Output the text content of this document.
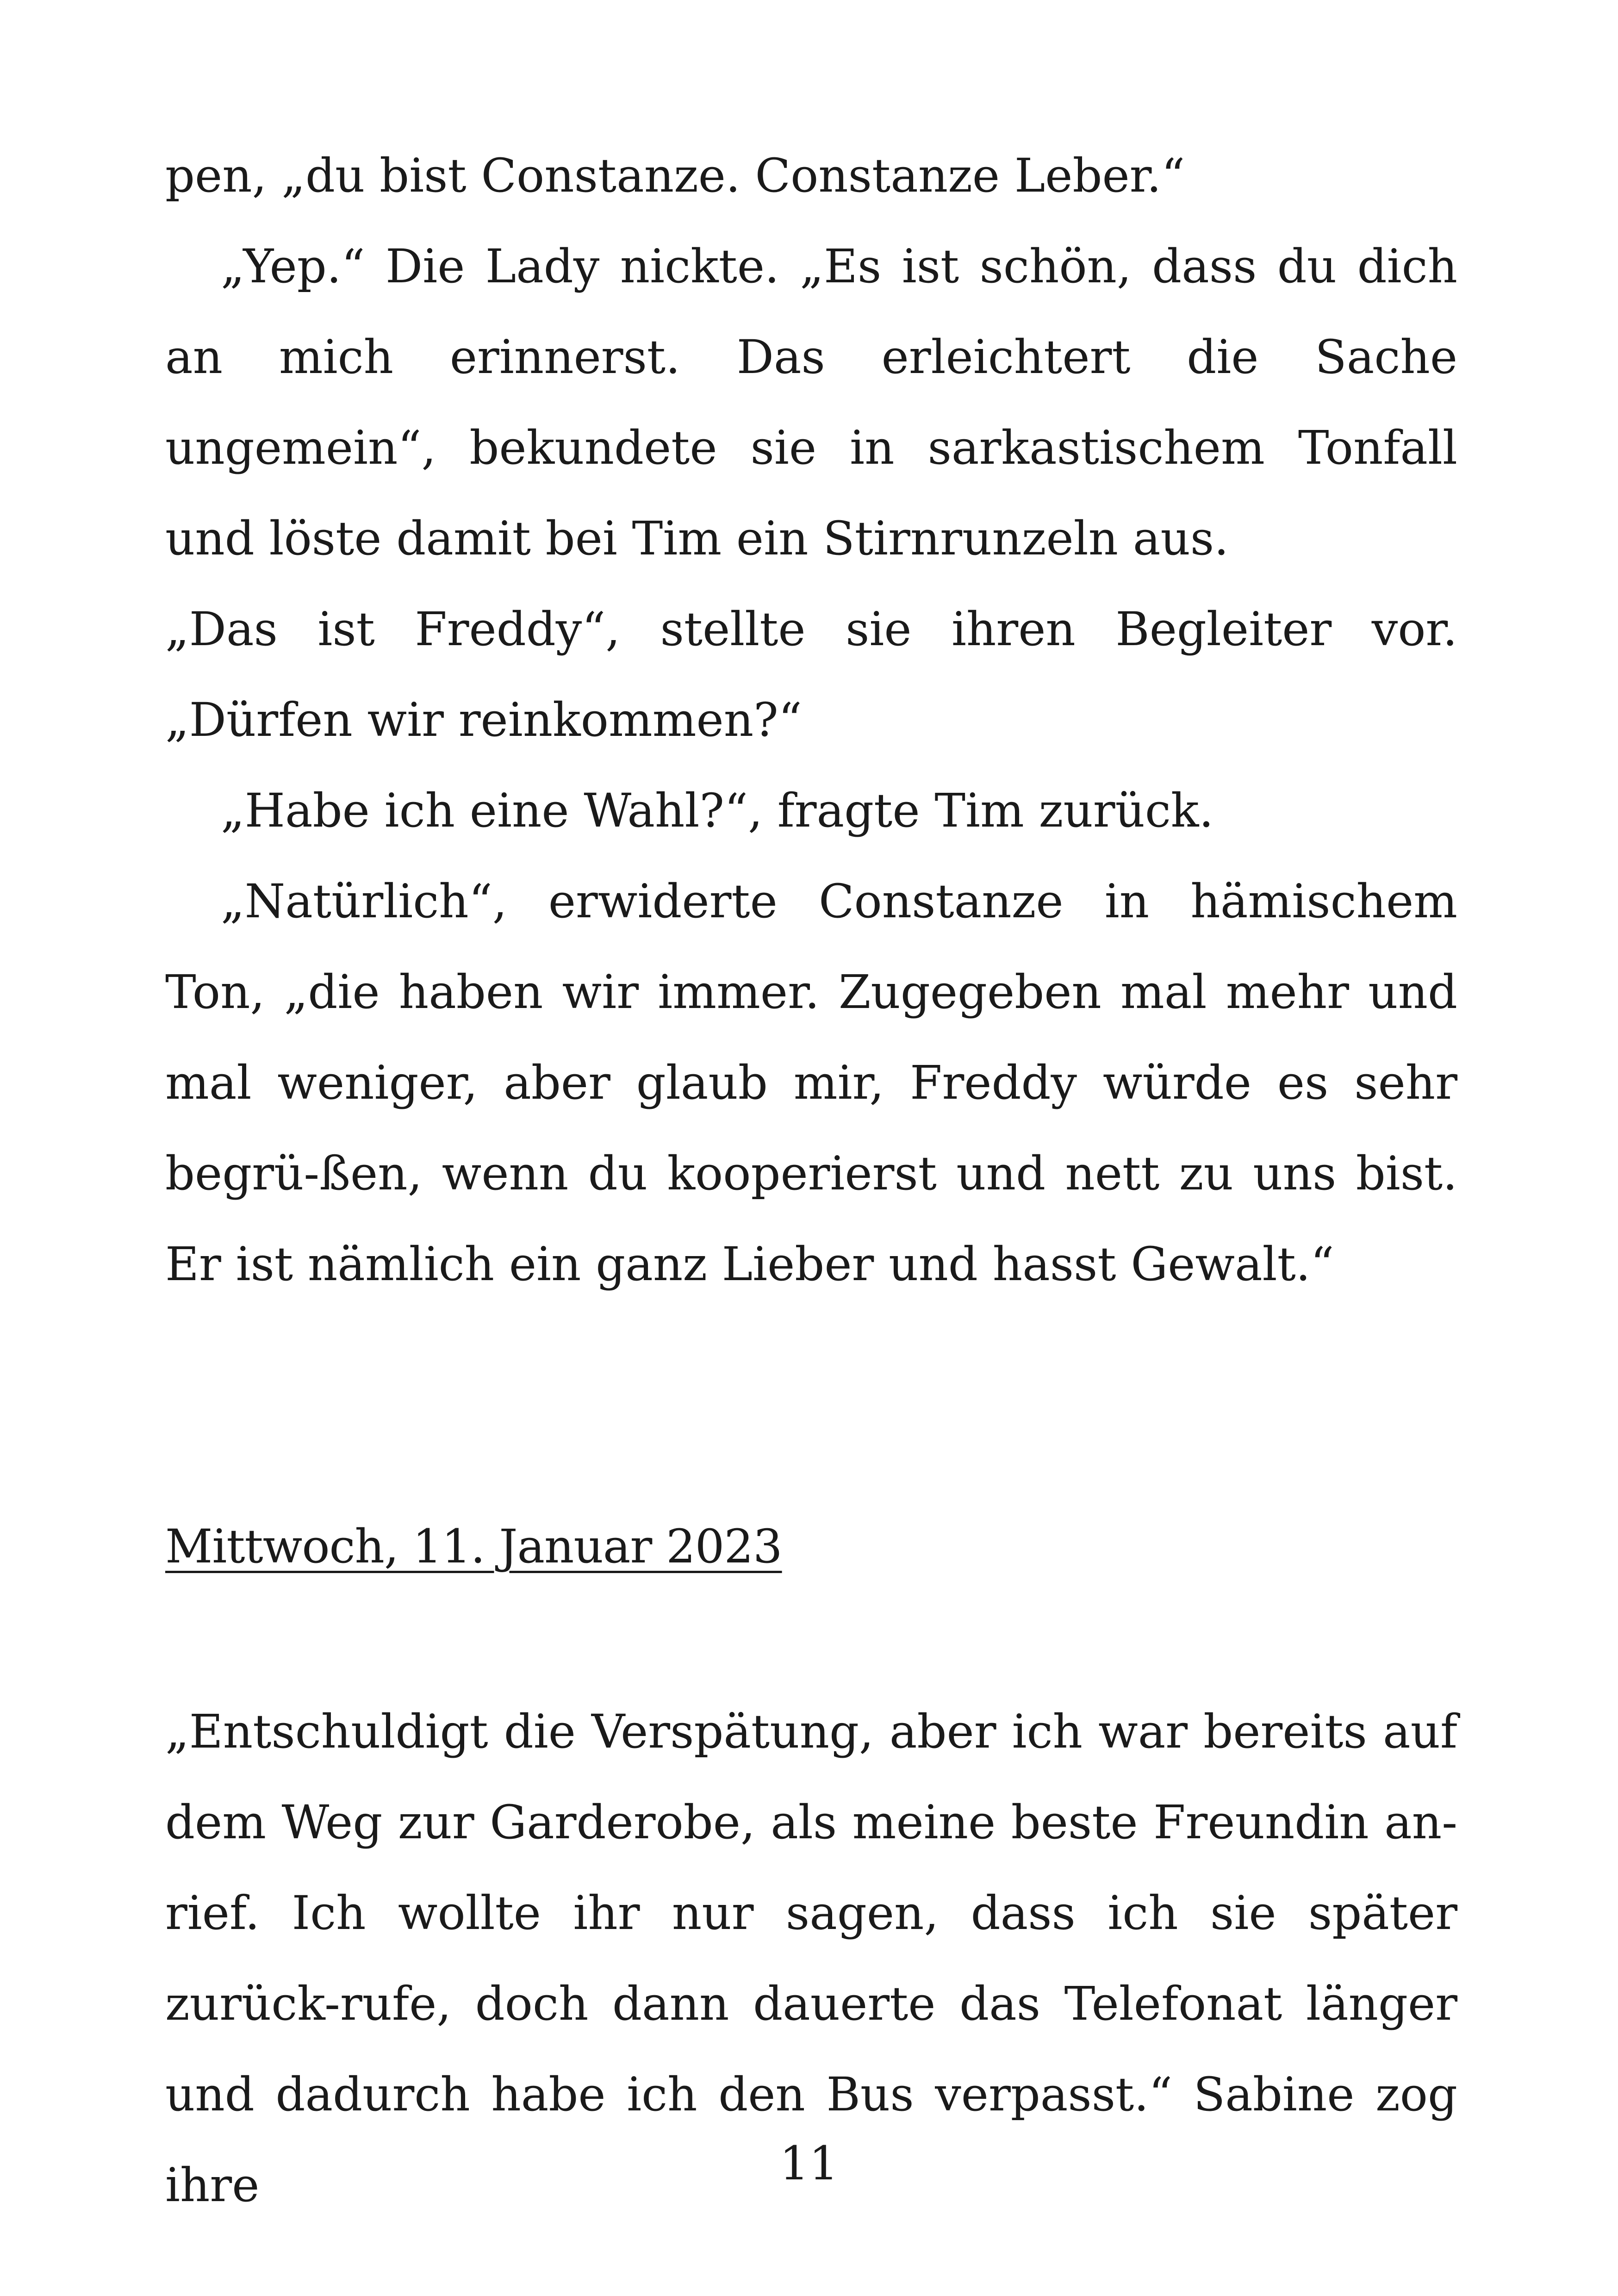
pen, „du bist Constanze. Constanze Leber.“

„Yep.“ Die Lady nickte. „Es ist schön, dass du dich an mich erinnerst. Das erleichtert die Sache ungemein“, bekundete sie in sarkastischem Tonfall und löste damit bei Tim ein Stirnrunzeln aus.

„Das ist Freddy“, stellte sie ihren Begleiter vor. „Dürfen wir reinkommen?“

„Habe ich eine Wahl?“, fragte Tim zurück.

„Natürlich“, erwiderte Constanze in hämischem Ton, „die haben wir immer. Zugegeben mal mehr und mal weniger, aber glaub mir, Freddy würde es sehr begrü-ßen, wenn du kooperierst und nett zu uns bist. Er ist nämlich ein ganz Lieber und hasst Gewalt.“

Mittwoch, 11. Januar 2023

„Entschuldigt die Verspätung, aber ich war bereits auf dem Weg zur Garderobe, als meine beste Freundin an-rief. Ich wollte ihr nur sagen, dass ich sie später zurück-rufe, doch dann dauerte das Telefonat länger und dadurch habe ich den Bus verpasst.“ Sabine zog ihre	11
